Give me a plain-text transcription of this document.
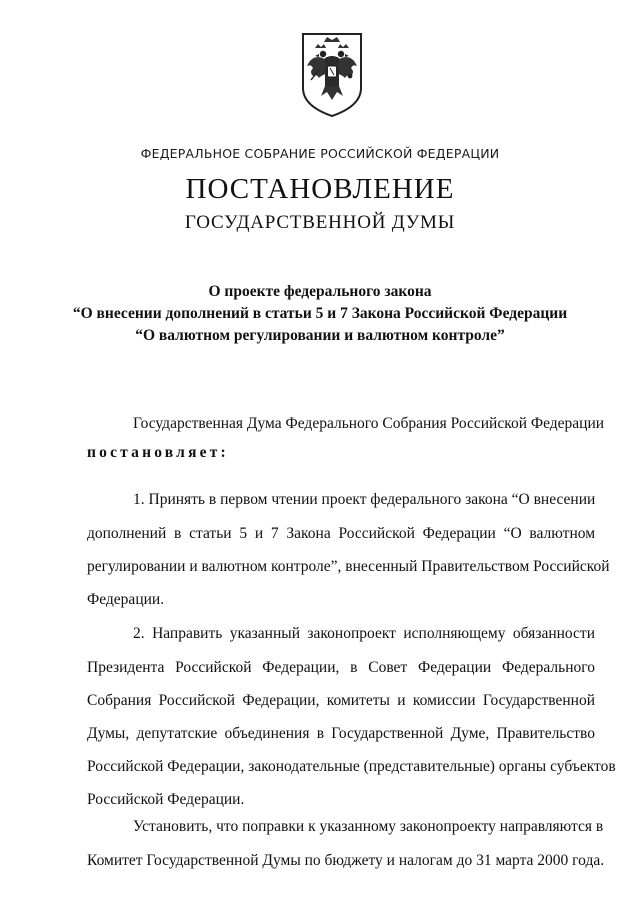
ФЕДЕРАЛЬНОЕ СОБРАНИЕ РОССИЙСКОЙ ФЕДЕРАЦИИ
ПОСТАНОВЛЕНИЕ
ГОСУДАРСТВЕННОЙ ДУМЫ
О проекте федерального закона
“О внесении дополнений в статьи 5 и 7 Закона Российской Федерации
“О валютном регулировании и валютном контроле”
Государственная Дума Федерального Собрания Российской Федерации
постановляет:
1. Принять в первом чтении проект федерального закона “О внесении
дополнений в статьи 5 и 7 Закона Российской Федерации “О валютном
регулировании и валютном контроле”, внесенный Правительством Российской
Федерации.
2. Направить указанный законопроект исполняющему обязанности
Президента Российской Федерации, в Совет Федерации Федерального
Собрания Российской Федерации, комитеты и комиссии Государственной
Думы, депутатские объединения в Государственной Думе, Правительство
Российской Федерации, законодательные (представительные) органы субъектов
Российской Федерации.
Установить, что поправки к указанному законопроекту направляются в
Комитет Государственной Думы по бюджету и налогам до 31 марта 2000 года.
